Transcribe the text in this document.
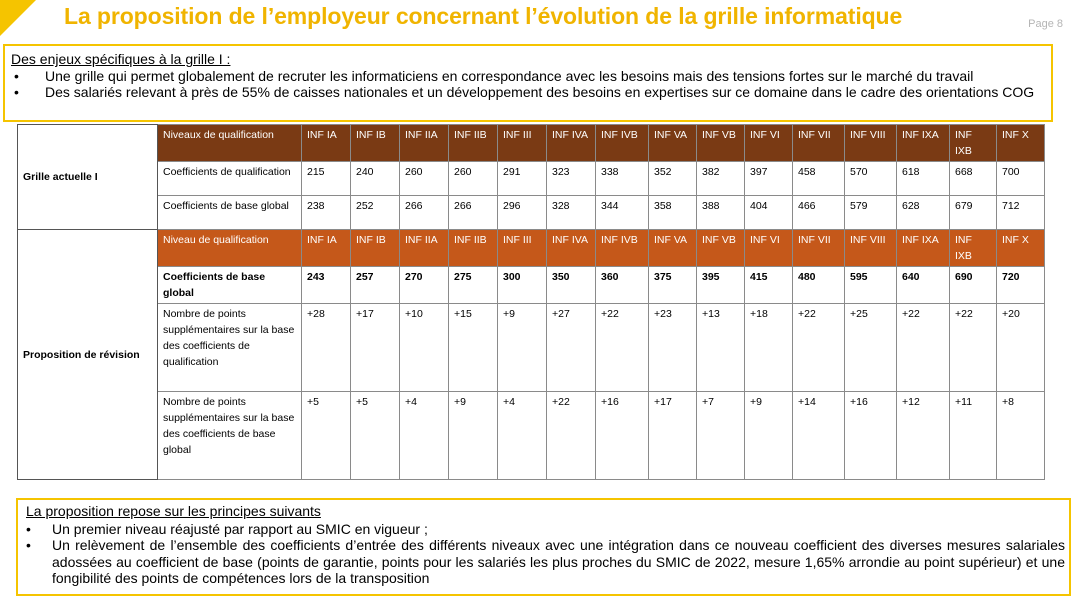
La proposition de l’employeur concernant l’évolution de la grille informatique	Page 8
Des enjeux spécifiques à la grille I :
• Une grille qui permet globalement de recruter les informaticiens en correspondance avec les besoins mais des tensions fortes sur le marché du travail
• Des salariés relevant à près de 55% de caisses nationales et un développement des besoins en expertises sur ce domaine dans le cadre des orientations COG
Grille actuelle I	Niveaux de qualification	INF IA	INF IB	INF IIA	INF IIB	INF III	INF IVA	INF IVB	INF VA	INF VB	INF VI	INF VII	INF VIII	INF IXA	INF IXB	INF X
	Coefficients de qualification	215	240	260	260	291	323	338	352	382	397	458	570	618	668	700
	Coefficients de base global	238	252	266	266	296	328	344	358	388	404	466	579	628	679	712
Proposition de révision	Niveau de qualification	INF IA	INF IB	INF IIA	INF IIB	INF III	INF IVA	INF IVB	INF VA	INF VB	INF VI	INF VII	INF VIII	INF IXA	INF IXB	INF X
	Coefficients de base global	243	257	270	275	300	350	360	375	395	415	480	595	640	690	720
	Nombre de points supplémentaires sur la base des coefficients de qualification	+28	+17	+10	+15	+9	+27	+22	+23	+13	+18	+22	+25	+22	+22	+20
	Nombre de points supplémentaires sur la base des coefficients de base global	+5	+5	+4	+9	+4	+22	+16	+17	+7	+9	+14	+16	+12	+11	+8
La proposition repose sur les principes suivants
• Un premier niveau réajusté par rapport au SMIC en vigueur ;
• Un relèvement de l’ensemble des coefficients d’entrée des différents niveaux avec une intégration dans ce nouveau coefficient des diverses mesures salariales adossées au coefficient de base (points de garantie, points pour les salariés les plus proches du SMIC de 2022, mesure 1,65% arrondie au point supérieur) et une fongibilité des points de compétences lors de la transposition
